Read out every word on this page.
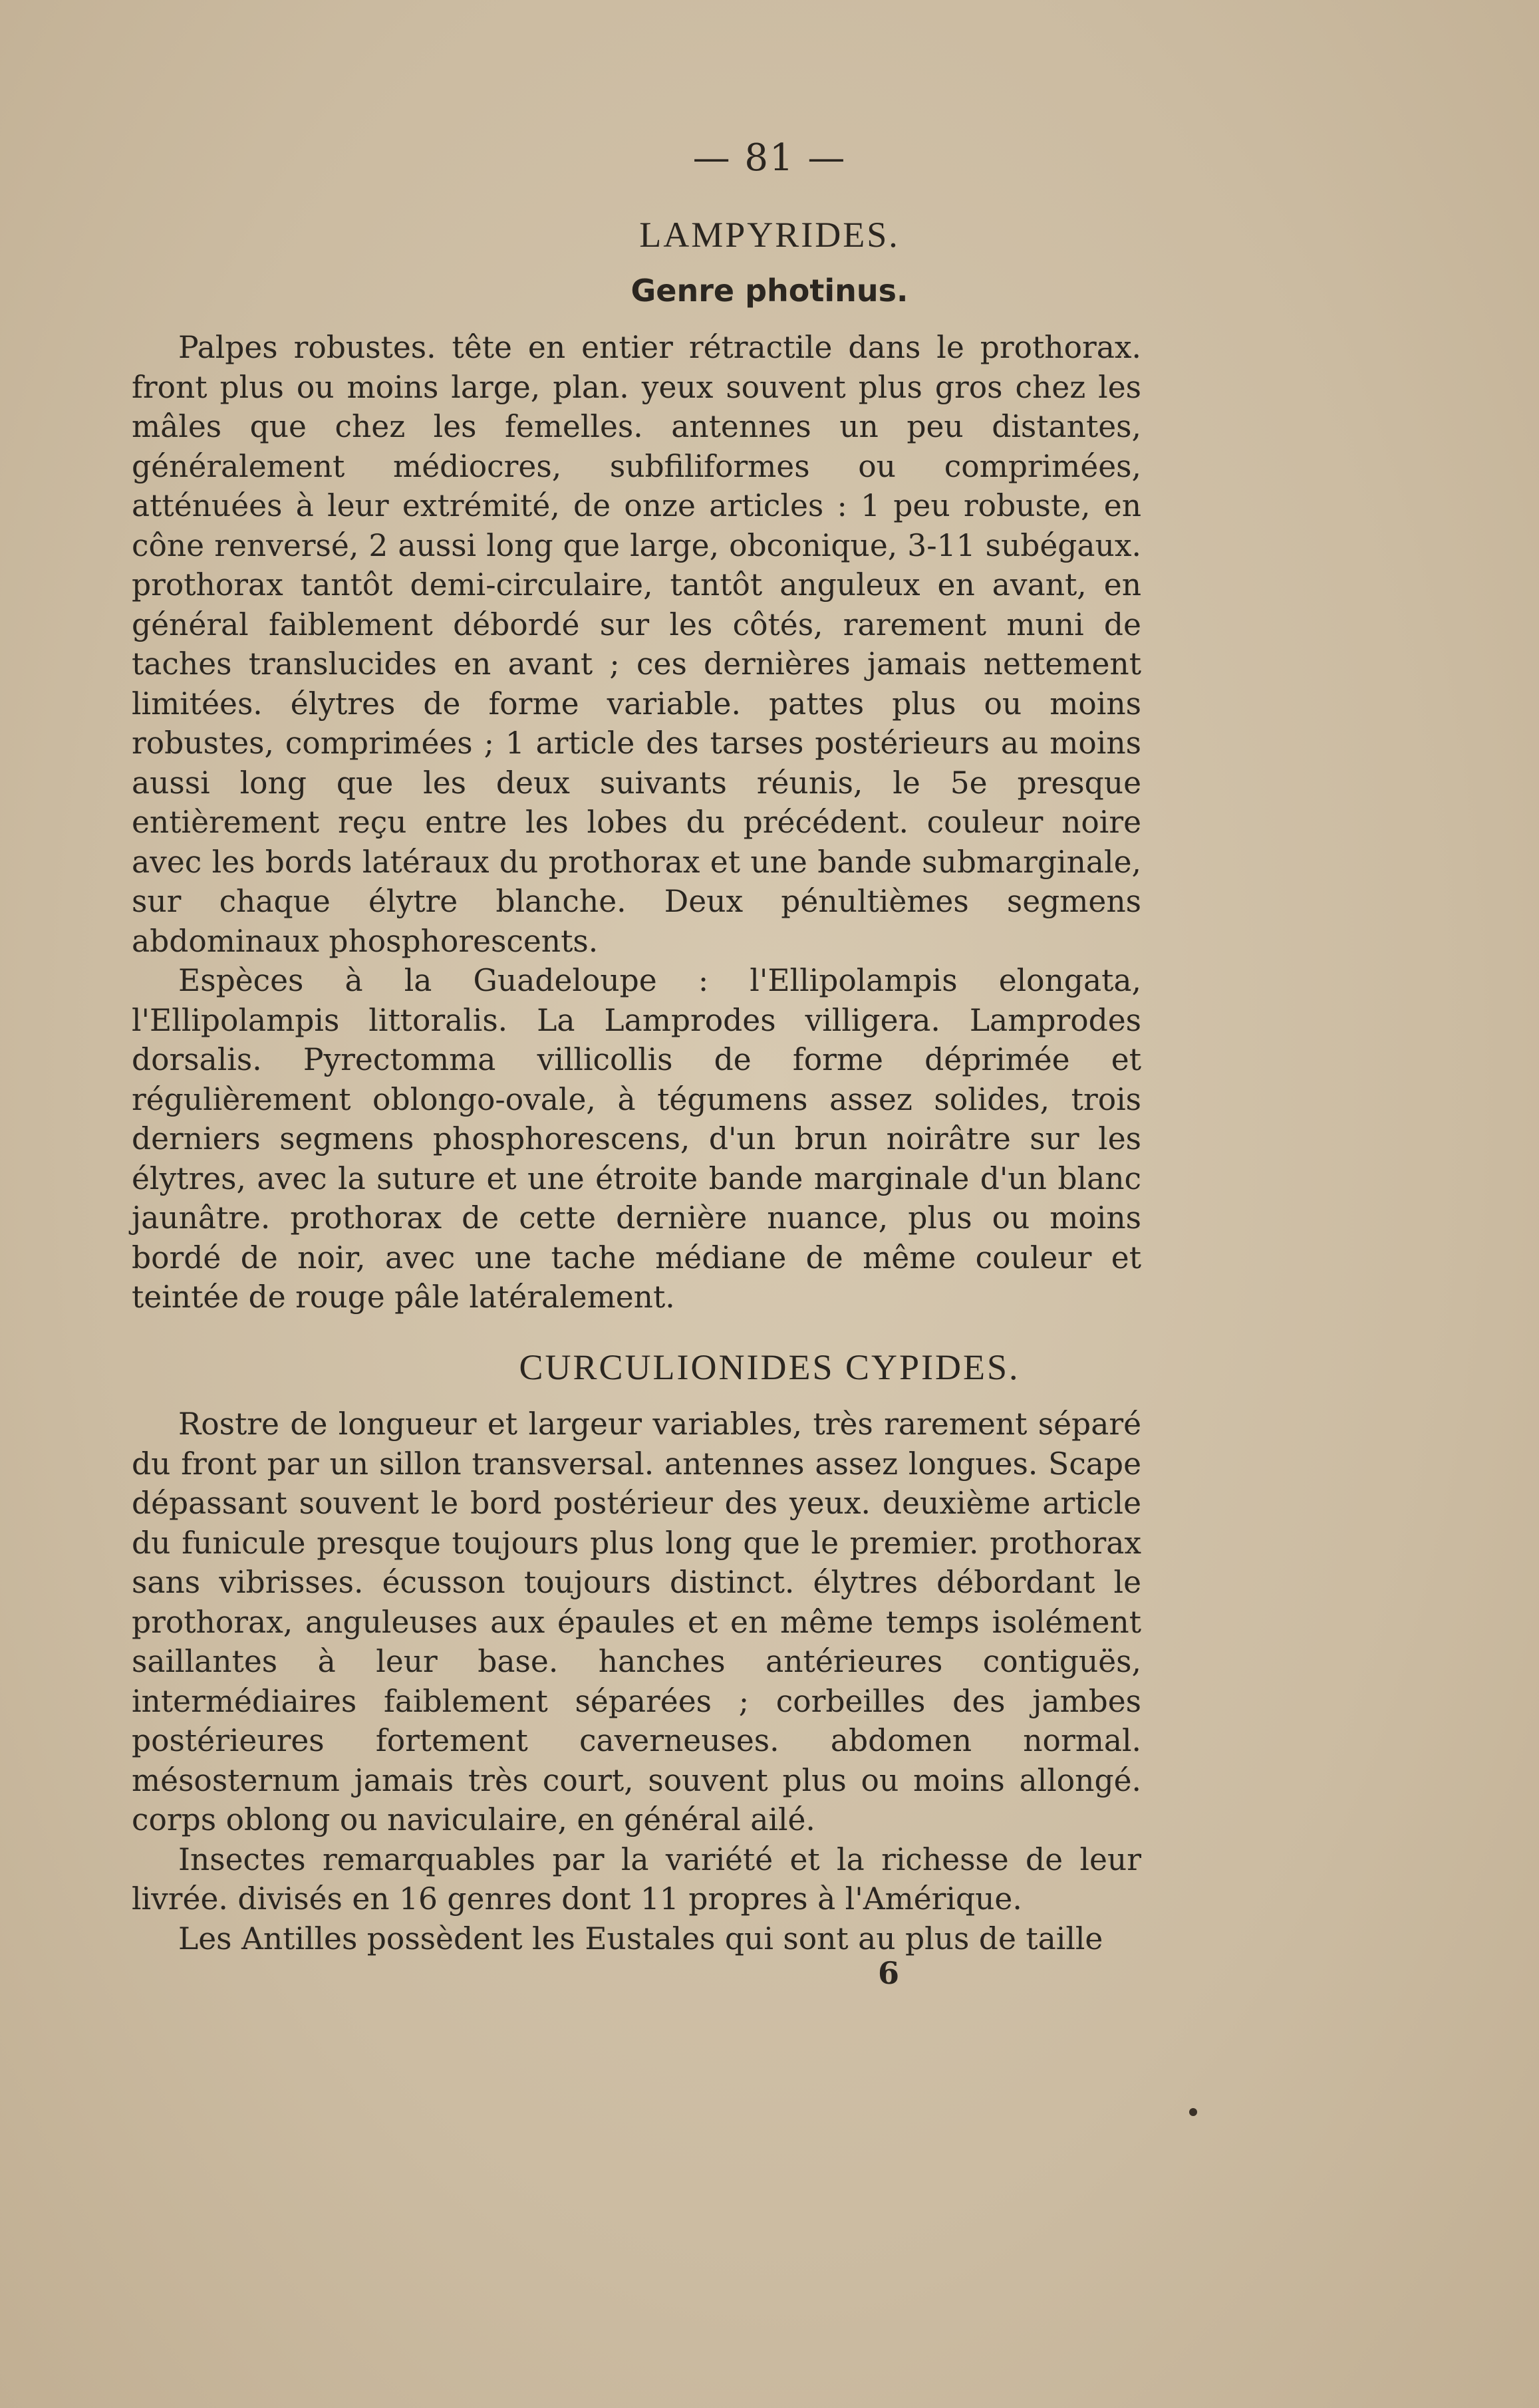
— 81 —
LAMPYRIDES.
Genre photinus.

Palpes robustes. tête en entier rétractile dans le prothorax. front plus ou moins large, plan. yeux souvent plus gros chez les mâles que chez les femelles. antennes un peu distantes, généralement médiocres, subfiliformes ou comprimées, atténuées à leur extrémité, de onze articles : 1 peu robuste, en cône renversé, 2 aussi long que large, obconique, 3-11 subégaux. prothorax tantôt demi-circulaire, tantôt anguleux en avant, en général faiblement débordé sur les côtés, rarement muni de taches translucides en avant ; ces dernières jamais nettement limitées. élytres de forme variable. pattes plus ou moins robustes, comprimées ; 1 article des tarses postérieurs au moins aussi long que les deux suivants réunis, le 5e presque entièrement reçu entre les lobes du précédent. couleur noire avec les bords latéraux du prothorax et une bande submarginale, sur chaque élytre blanche. Deux pénultièmes segmens abdominaux phosphorescents.

Espèces à la Guadeloupe : l'Ellipolampis elongata, l'Ellipolampis littoralis. La Lamprodes villigera. Lamprodes dorsalis. Pyrectomma villicollis de forme déprimée et régulièrement oblongo-ovale, à tégumens assez solides, trois derniers segmens phosphorescens, d'un brun noirâtre sur les élytres, avec la suture et une étroite bande marginale d'un blanc jaunâtre. prothorax de cette dernière nuance, plus ou moins bordé de noir, avec une tache médiane de même couleur et teintée de rouge pâle latéralement.

CURCULIONIDES CYPIDES.

Rostre de longueur et largeur variables, très rarement séparé du front par un sillon transversal. antennes assez longues. Scape dépassant souvent le bord postérieur des yeux. deuxième article du funicule presque toujours plus long que le premier. prothorax sans vibrisses. écusson toujours distinct. élytres débordant le prothorax, anguleuses aux épaules et en même temps isolément saillantes à leur base. hanches antérieures contiguës, intermédiaires faiblement séparées ; corbeilles des jambes postérieures fortement caverneuses. abdomen normal. mésosternum jamais très court, souvent plus ou moins allongé. corps oblong ou naviculaire, en général ailé.

Insectes remarquables par la variété et la richesse de leur livrée. divisés en 16 genres dont 11 propres à l'Amérique.

Les Antilles possèdent les Eustales qui sont au plus de taille

6
